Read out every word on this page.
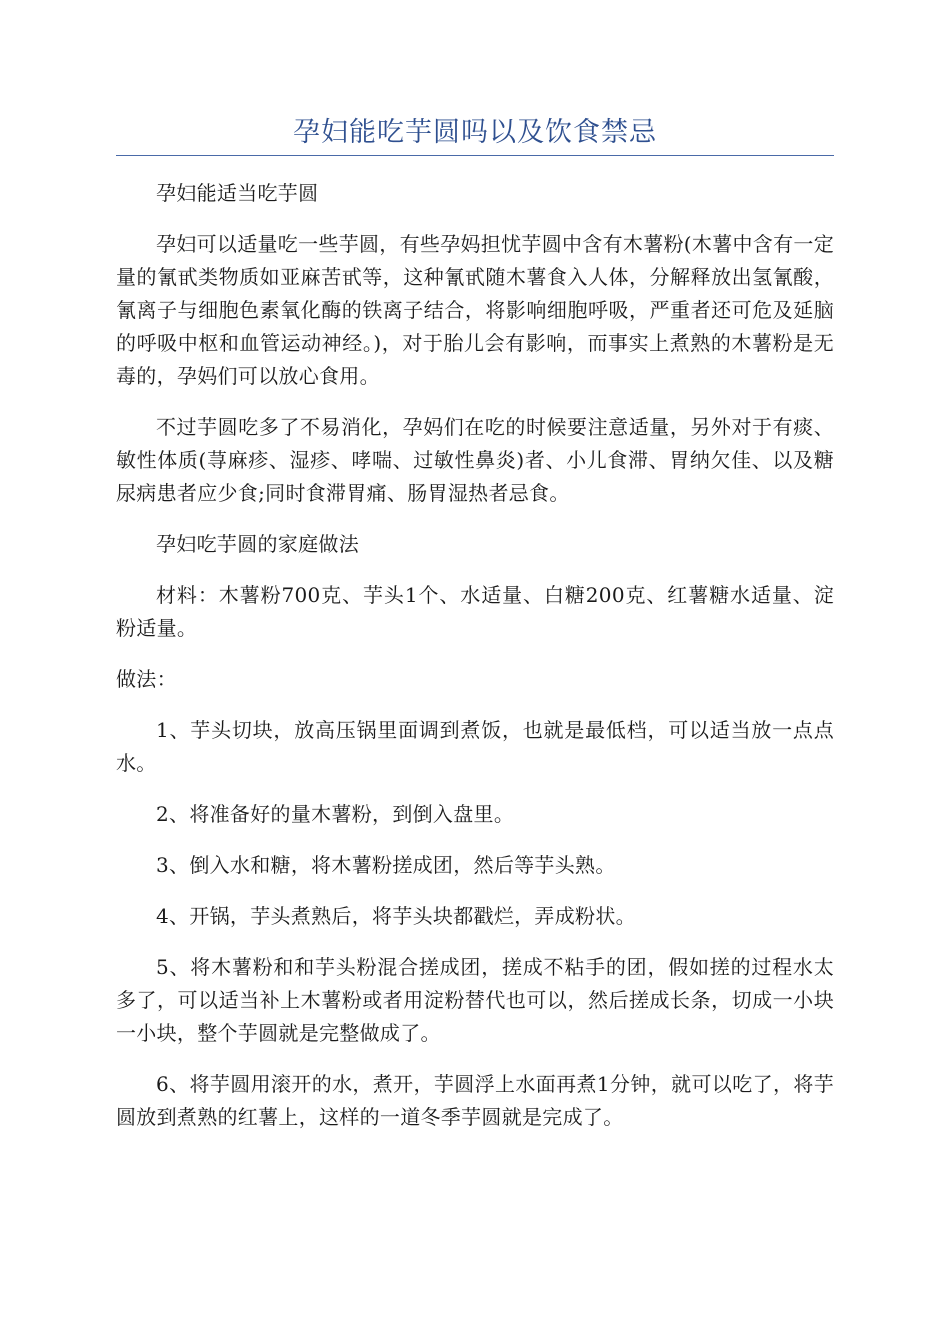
孕妇能吃芋圆吗以及饮食禁忌

孕妇能适当吃芋圆

孕妇可以适量吃一些芋圆，有些孕妈担忧芋圆中含有木薯粉(木薯中含有一定量的氰甙类物质如亚麻苦甙等，这种氰甙随木薯食入人体，分解释放出氢氰酸，氰离子与细胞色素氧化酶的铁离子结合，将影响细胞呼吸，严重者还可危及延脑的呼吸中枢和血管运动神经。)，对于胎儿会有影响，而事实上煮熟的木薯粉是无毒的，孕妈们可以放心食用。

不过芋圆吃多了不易消化，孕妈们在吃的时候要注意适量，另外对于有痰、敏性体质(荨麻疹、湿疹、哮喘、过敏性鼻炎)者、小儿食滞、胃纳欠佳、以及糖尿病患者应少食;同时食滞胃痛、肠胃湿热者忌食。

孕妇吃芋圆的家庭做法

材料：木薯粉700克、芋头1个、水适量、白糖200克、红薯糖水适量、淀粉适量。

做法：

1、芋头切块，放高压锅里面调到煮饭，也就是最低档，可以适当放一点点水。

2、将准备好的量木薯粉，到倒入盘里。

3、倒入水和糖，将木薯粉搓成团，然后等芋头熟。

4、开锅，芋头煮熟后，将芋头块都戳烂，弄成粉状。

5、将木薯粉和和芋头粉混合搓成团，搓成不粘手的团，假如搓的过程水太多了，可以适当补上木薯粉或者用淀粉替代也可以，然后搓成长条，切成一小块一小块，整个芋圆就是完整做成了。

6、将芋圆用滚开的水，煮开，芋圆浮上水面再煮1分钟，就可以吃了，将芋圆放到煮熟的红薯上，这样的一道冬季芋圆就是完成了。
